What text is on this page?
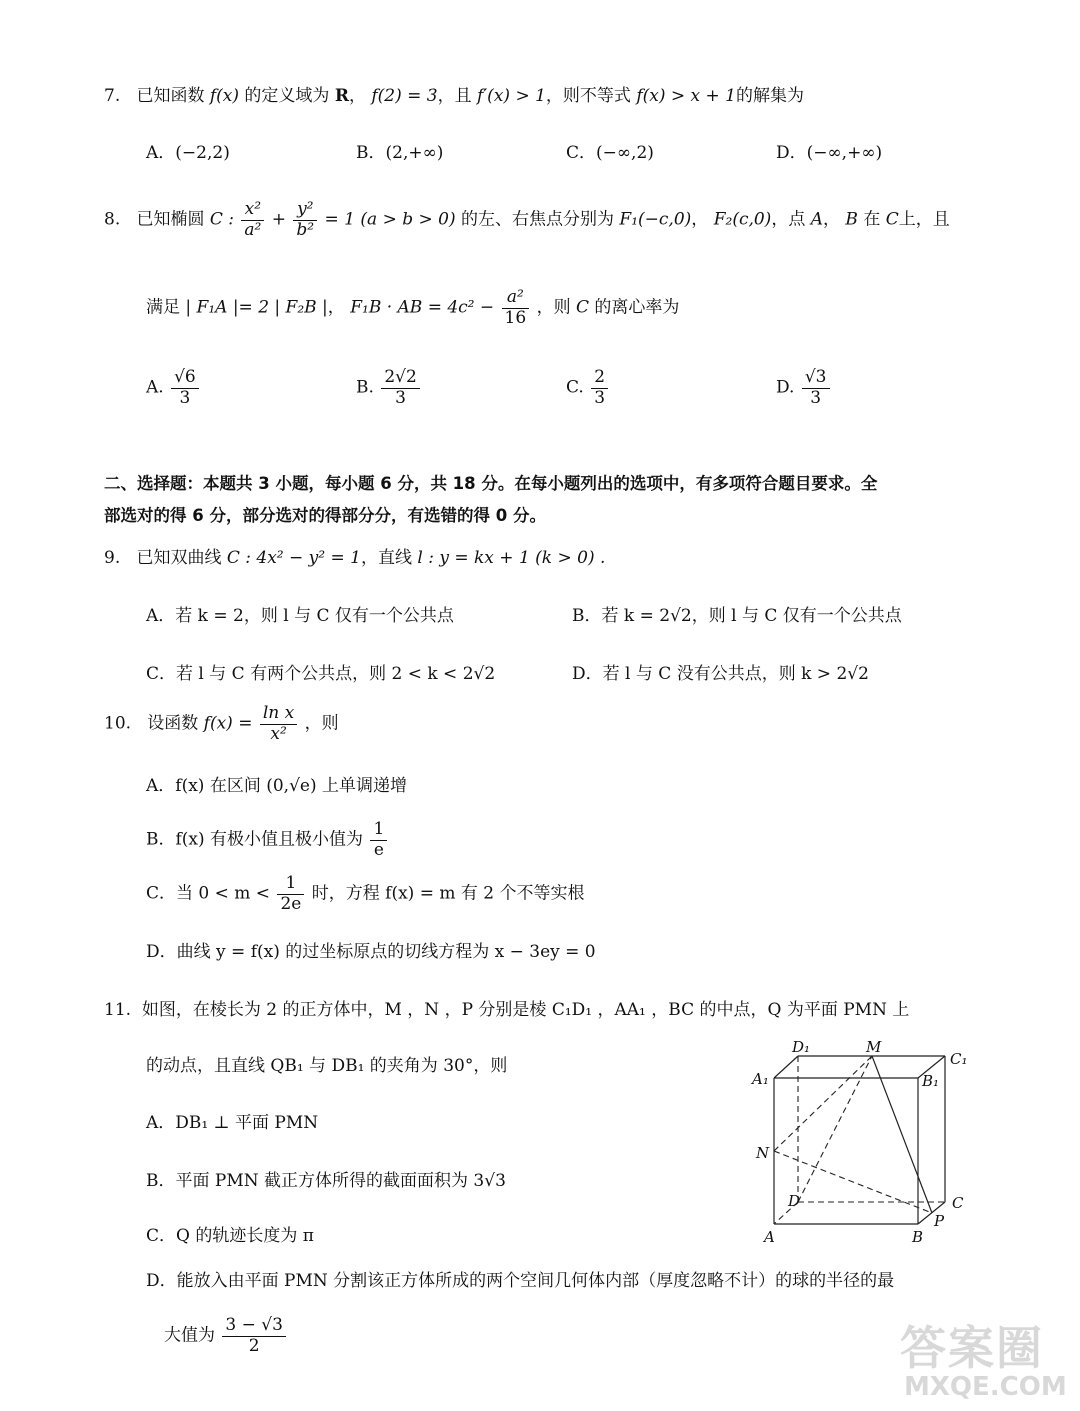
7. 已知函数 f(x) 的定义域为 R， f(2) = 3，且 f′(x) > 1，则不等式 f(x) > x + 1的解集为
A．(−2,2)	B．(2,+∞)	C．(−∞,2)	D．(−∞,+∞)
8. 已知椭圆 C : $\frac{\text{x²}}{\text{a²}} + \frac{\text{y²}}{\text{b²}} = 1$ (a > b > 0) 的左、右焦点分别为 F₁(−c,0)， F₂(c,0)，点 A， B 在 C上，且
满足 | F₁A |= 2 | F₂B |， F₁B · AB = $4c^2 - \frac{\text{a²}}{16}$ ，则 C 的离心率为
A. $\frac{√6}{3}$	B. $\frac{2√2}{3}$	C. $\frac{2}{3}$	D. $\frac{√3}{3}$
二、选择题：本题共 3 小题，每小题 6 分，共 18 分。在每小题列出的选项中，有多项符合题目要求。全
部选对的得 6 分，部分选对的得部分分，有选错的得 0 分。
9. 已知双曲线 C : 4x² − y² = 1，直线 l : y = kx + 1 (k > 0) .
A．若 k = 2，则 l 与 C 仅有一个公共点	B．若 k = 2√2，则 l 与 C 仅有一个公共点
C．若 l 与 C 有两个公共点，则 2 < k < 2√2	D．若 l 与 C 没有公共点，则 k > 2√2
10. 设函数 $f(x) = \frac{\text{ln x}}{\text{x²}}$ ，则
A．f(x) 在区间 (0,√e) 上单调递增
B．f(x) 有极小值且极小值为 $\frac{1}{e}$
C．当 $0 < m < \frac{1}{2e}$ 时，方程 f(x) = m 有 2 个不等实根
D．曲线 y = f(x) 的过坐标原点的切线方程为 x − 3ey = 0
11. 如图，在棱长为 2 的正方体中，M ，N ，P 分别是棱 C₁D₁ ，AA₁ ，BC 的中点，Q 为平面 PMN 上
的动点，且直线 QB₁ 与 DB₁ 的夹角为 30°，则
A．DB₁ ⊥ 平面 PMN
B．平面 PMN 截正方体所得的截面面积为 3√3
C．Q 的轨迹长度为 π
D．能放入由平面 PMN 分割该正方体所成的两个空间几何体内部（厚度忽略不计）的球的半径的最
大值为 $\frac{3 - √3}{2}$
D₁	M
C₁
A₁	B₁
N
D	C
P
A	B
答案圈
MXQE.COM
